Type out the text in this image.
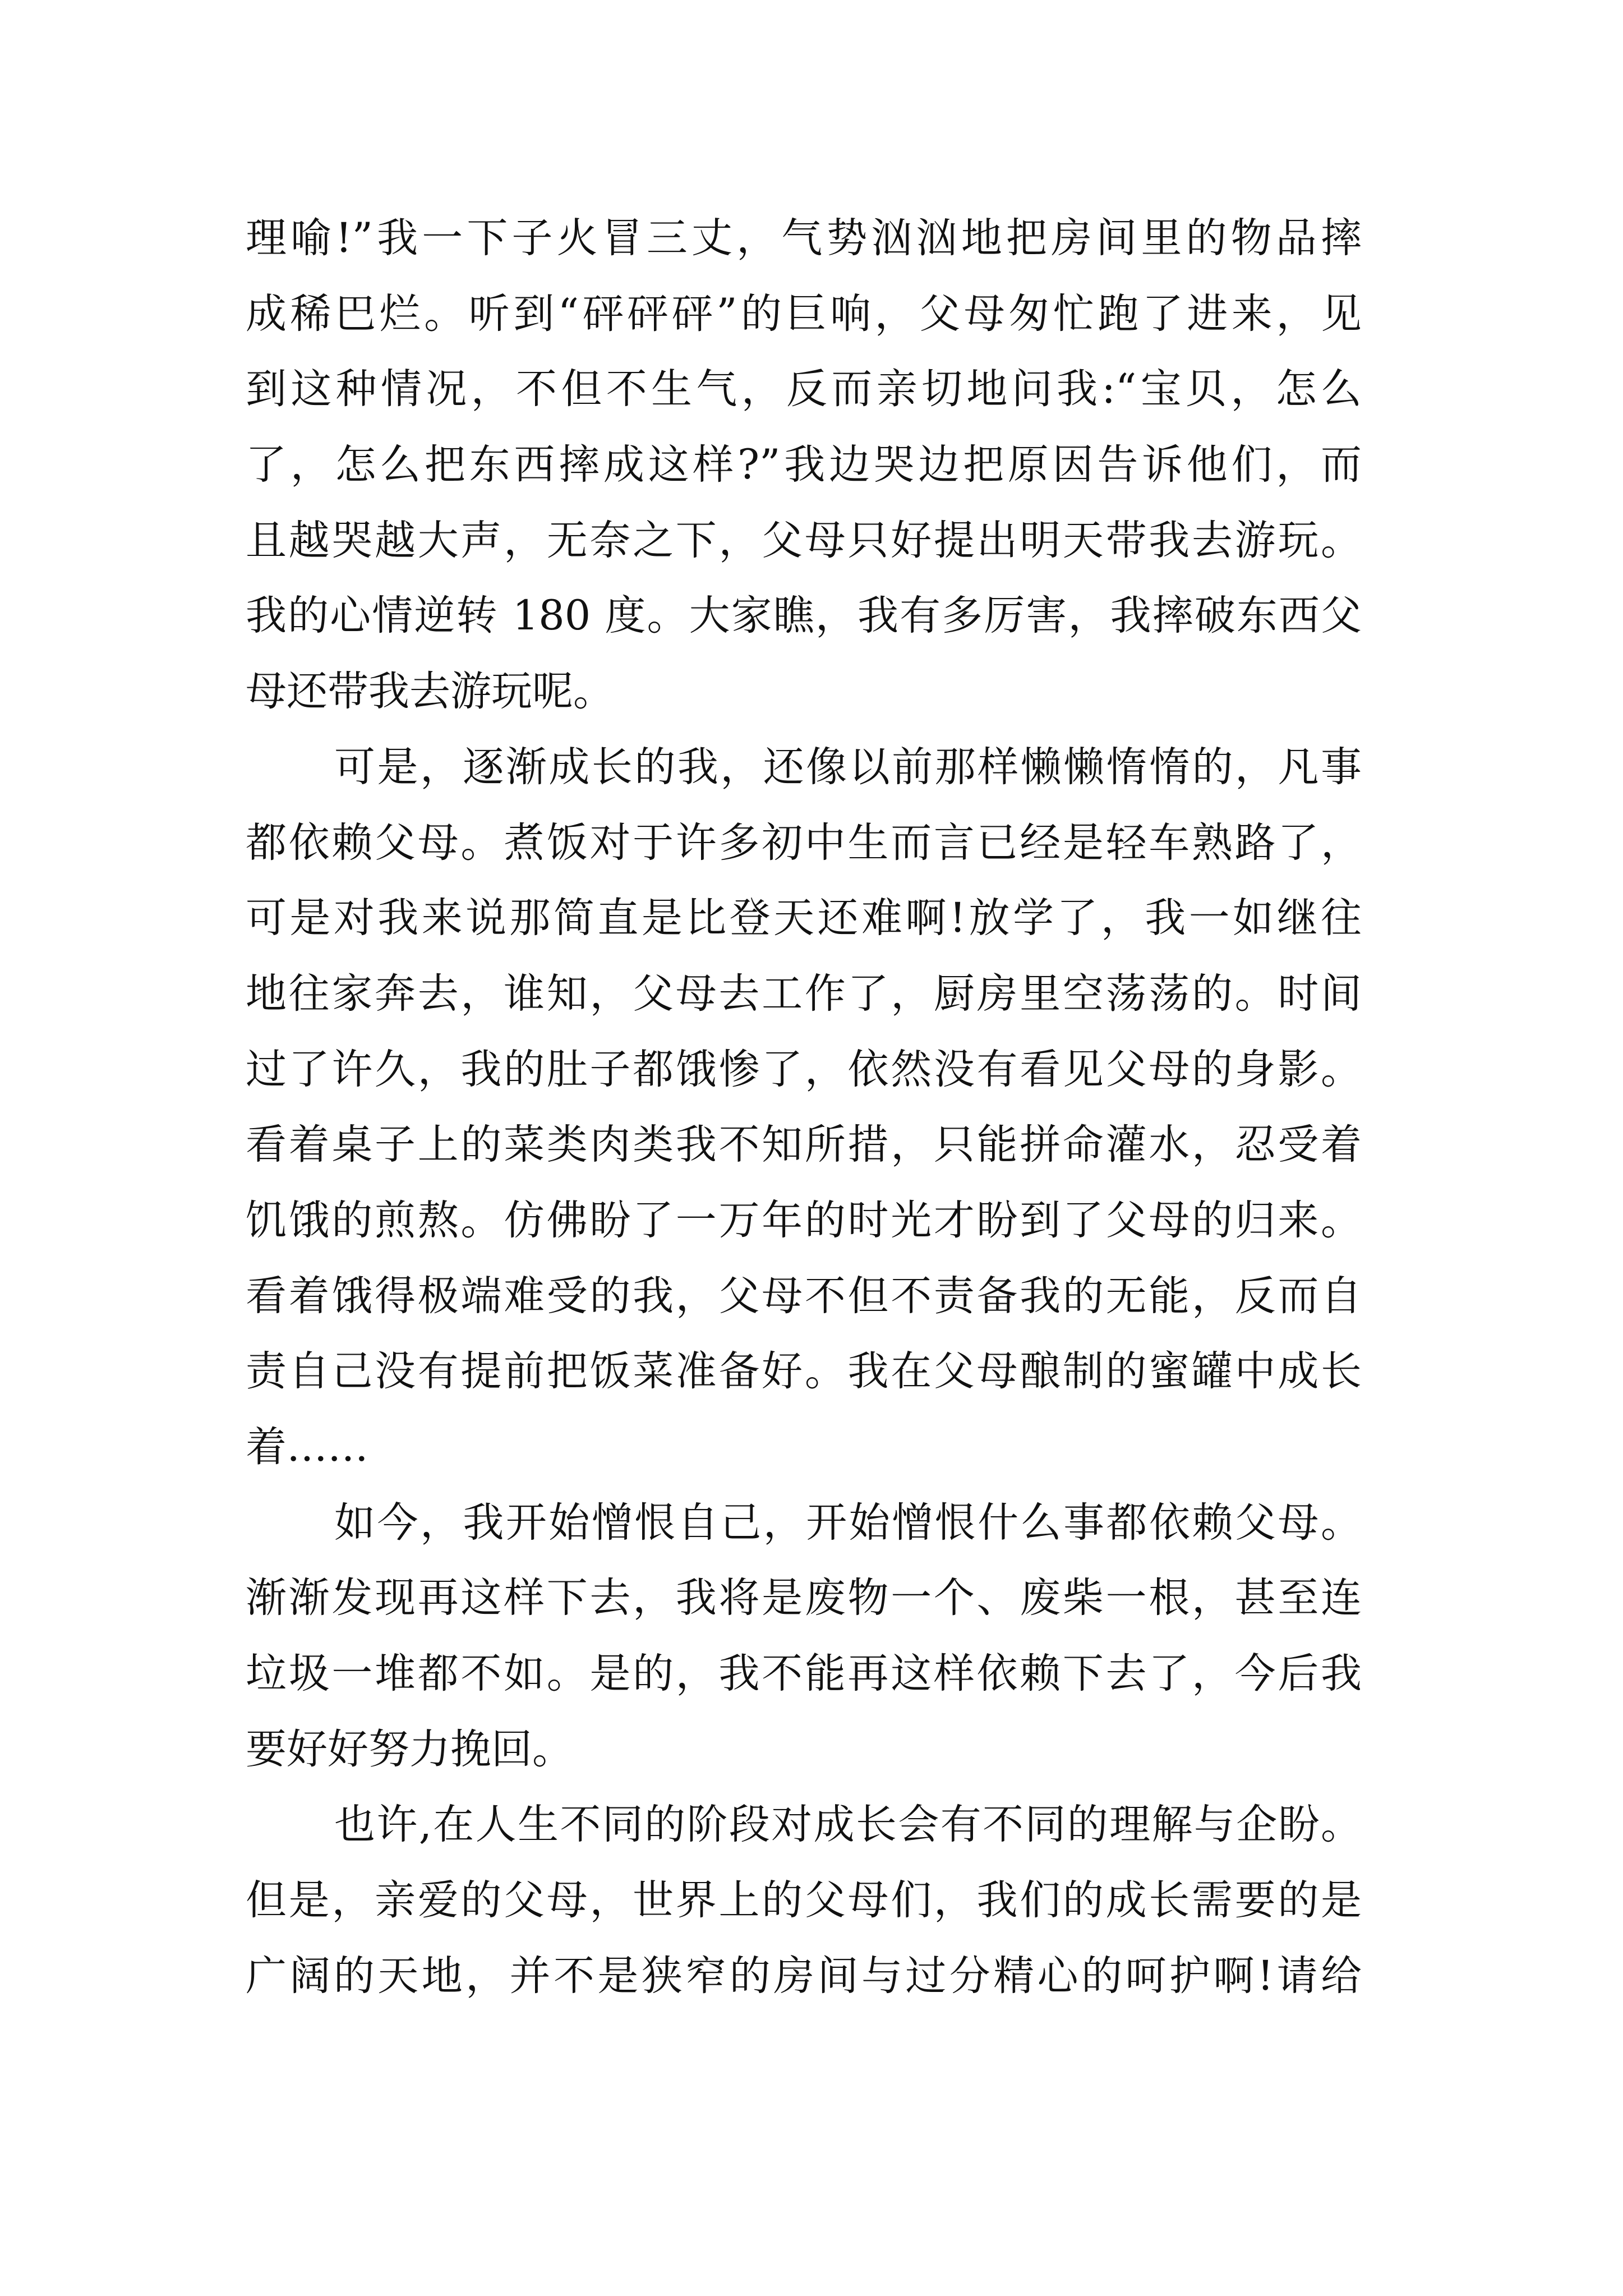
理喻!”我一下子火冒三丈，气势汹汹地把房间里的物品摔
成稀巴烂。听到“砰砰砰”的巨响，父母匆忙跑了进来，见
到这种情况，不但不生气，反而亲切地问我:“宝贝，怎么
了，怎么把东西摔成这样?”我边哭边把原因告诉他们，而
且越哭越大声，无奈之下，父母只好提出明天带我去游玩。
我的心情逆转 180 度。大家瞧，我有多厉害，我摔破东西父
母还带我去游玩呢。
可是，逐渐成长的我，还像以前那样懒懒惰惰的，凡事
都依赖父母。煮饭对于许多初中生而言已经是轻车熟路了，
可是对我来说那简直是比登天还难啊!放学了，我一如继往
地往家奔去，谁知，父母去工作了，厨房里空荡荡的。时间
过了许久，我的肚子都饿惨了，依然没有看见父母的身影。
看着桌子上的菜类肉类我不知所措，只能拼命灌水，忍受着
饥饿的煎熬。仿佛盼了一万年的时光才盼到了父母的归来。
看着饿得极端难受的我，父母不但不责备我的无能，反而自
责自己没有提前把饭菜准备好。我在父母酿制的蜜罐中成长
着……
如今，我开始憎恨自己，开始憎恨什么事都依赖父母。
渐渐发现再这样下去，我将是废物一个、废柴一根，甚至连
垃圾一堆都不如。是的，我不能再这样依赖下去了，今后我
要好好努力挽回。
也许,在人生不同的阶段对成长会有不同的理解与企盼。
但是，亲爱的父母，世界上的父母们，我们的成长需要的是
广阔的天地，并不是狭窄的房间与过分精心的呵护啊!请给
